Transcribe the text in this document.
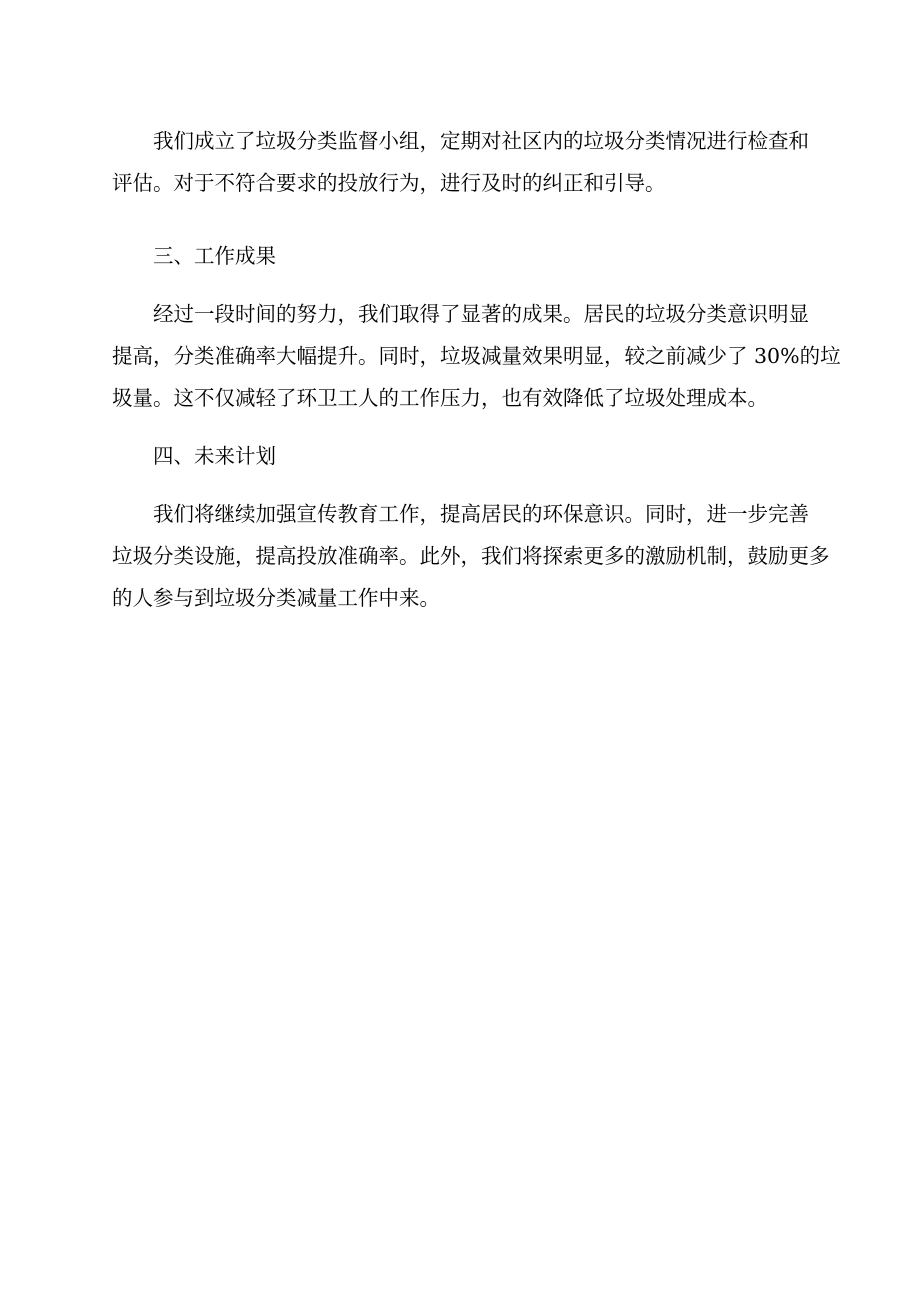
我们成立了垃圾分类监督小组，定期对社区内的垃圾分类情况进行检查和
评估。对于不符合要求的投放行为，进行及时的纠正和引导。

三、工作成果

经过一段时间的努力，我们取得了显著的成果。居民的垃圾分类意识明显
提高，分类准确率大幅提升。同时，垃圾减量效果明显，较之前减少了 30%的垃
圾量。这不仅减轻了环卫工人的工作压力，也有效降低了垃圾处理成本。

四、未来计划

我们将继续加强宣传教育工作，提高居民的环保意识。同时，进一步完善
垃圾分类设施，提高投放准确率。此外，我们将探索更多的激励机制，鼓励更多
的人参与到垃圾分类减量工作中来。
